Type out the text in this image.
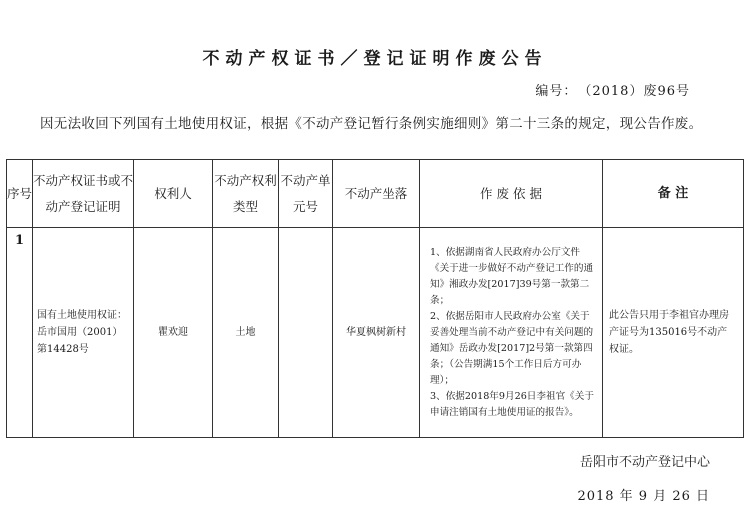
不动产权证书／登记证明作废公告
编号：　（2018）废96号
因无法收回下列国有土地使用权证，根据《不动产登记暂行条例实施细则》第二十三条的规定，现公告作废。
序号	不动产权证书或不动产登记证明	权利人	不动产权利类型	不动产单元号	不动产坐落	作 废 依 据	备 注

1	国有土地使用权证：岳市国用（2001）第14428号	瞿欢迎	土地		华夏枫树新村	1、依据湖南省人民政府办公厅文件《关于进一步做好不动产登记工作的通知》湘政办发[2017]39号第一款第二条；

2、依据岳阳市人民政府办公室《关于妥善处理当前不动产登记中有关问题的通知》岳政办发[2017]2号第一款第四条；（公告期满15个工作日后方可办理）；

3、依据2018年9月26日李祖官《关于申请注销国有土地使用证的报告》。	此公告只用于李祖官办理房产证号为135016号不动产权证。
岳阳市不动产登记中心
2018 年 9 月 26 日
